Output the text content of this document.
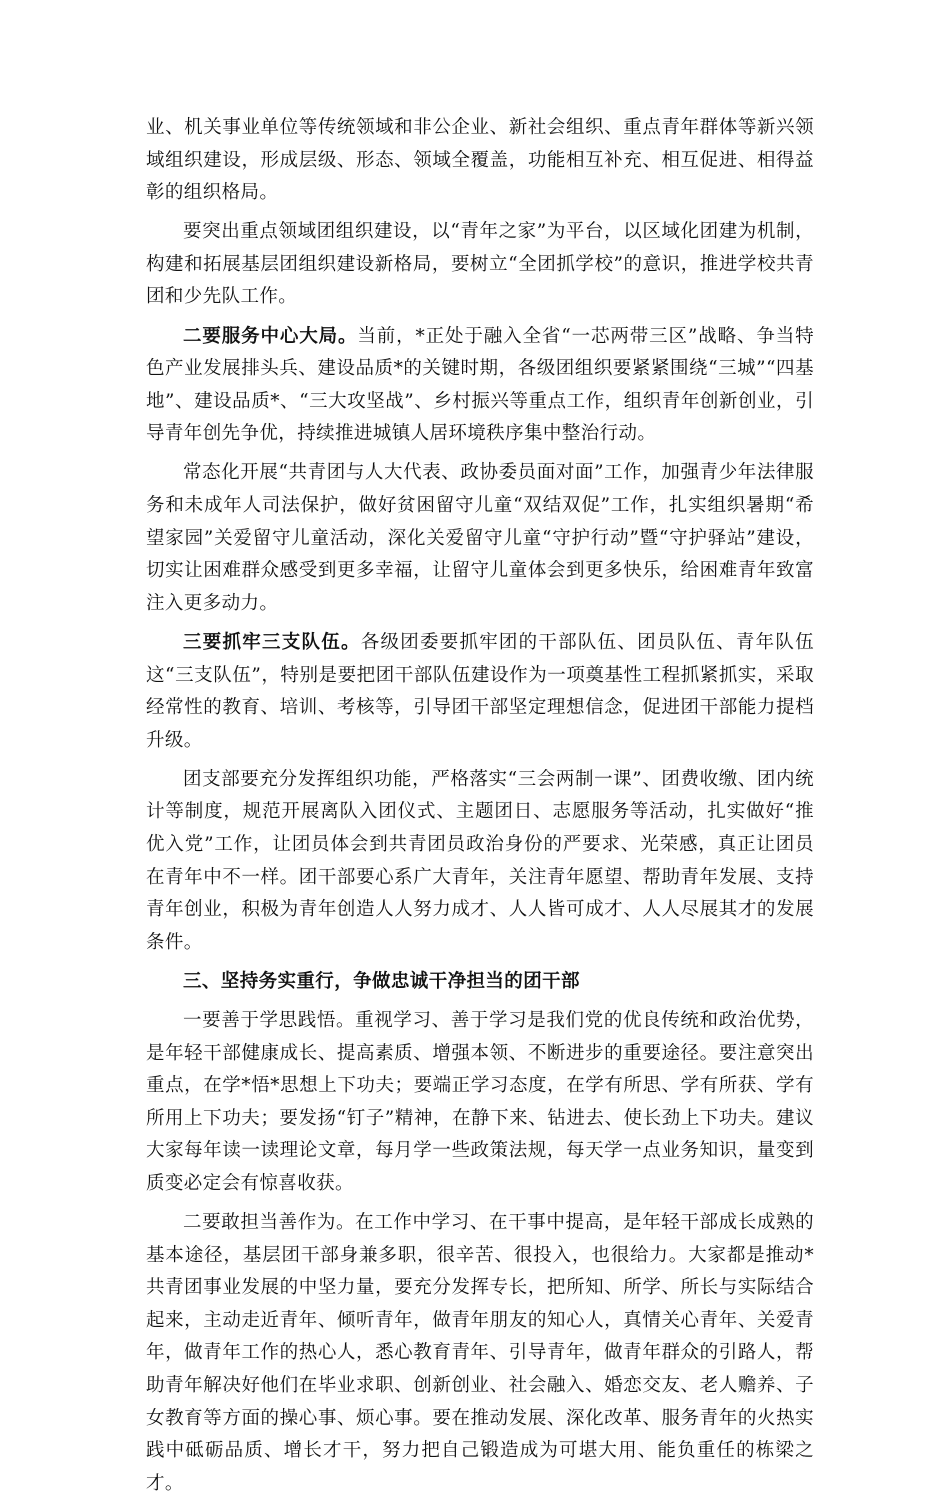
业、机关事业单位等传统领域和非公企业、新社会组织、重点青年群体等新兴领域组织建设，形成层级、形态、领域全覆盖，功能相互补充、相互促进、相得益彰的组织格局。

要突出重点领域团组织建设，以“青年之家”为平台，以区域化团建为机制，构建和拓展基层团组织建设新格局，要树立“全团抓学校”的意识，推进学校共青团和少先队工作。

二要服务中心大局。当前，*正处于融入全省“一芯两带三区”战略、争当特色产业发展排头兵、建设品质*的关键时期，各级团组织要紧紧围绕“三城”“四基地”、建设品质*、“三大攻坚战”、乡村振兴等重点工作，组织青年创新创业，引导青年创先争优，持续推进城镇人居环境秩序集中整治行动。

常态化开展“共青团与人大代表、政协委员面对面”工作，加强青少年法律服务和未成年人司法保护，做好贫困留守儿童“双结双促”工作，扎实组织暑期“希望家园”关爱留守儿童活动，深化关爱留守儿童“守护行动”暨“守护驿站”建设，切实让困难群众感受到更多幸福，让留守儿童体会到更多快乐，给困难青年致富注入更多动力。

三要抓牢三支队伍。各级团委要抓牢团的干部队伍、团员队伍、青年队伍这“三支队伍”，特别是要把团干部队伍建设作为一项奠基性工程抓紧抓实，采取经常性的教育、培训、考核等，引导团干部坚定理想信念，促进团干部能力提档升级。

团支部要充分发挥组织功能，严格落实“三会两制一课”、团费收缴、团内统计等制度，规范开展离队入团仪式、主题团日、志愿服务等活动，扎实做好“推优入党”工作，让团员体会到共青团员政治身份的严要求、光荣感，真正让团员在青年中不一样。团干部要心系广大青年，关注青年愿望、帮助青年发展、支持青年创业，积极为青年创造人人努力成才、人人皆可成才、人人尽展其才的发展条件。

三、坚持务实重行，争做忠诚干净担当的团干部

一要善于学思践悟。重视学习、善于学习是我们党的优良传统和政治优势，是年轻干部健康成长、提高素质、增强本领、不断进步的重要途径。要注意突出重点，在学*悟*思想上下功夫；要端正学习态度，在学有所思、学有所获、学有所用上下功夫；要发扬“钉子”精神，在静下来、钻进去、使长劲上下功夫。建议大家每年读一读理论文章，每月学一些政策法规，每天学一点业务知识，量变到质变必定会有惊喜收获。

二要敢担当善作为。在工作中学习、在干事中提高，是年轻干部成长成熟的基本途径，基层团干部身兼多职，很辛苦、很投入，也很给力。大家都是推动*共青团事业发展的中坚力量，要充分发挥专长，把所知、所学、所长与实际结合起来，主动走近青年、倾听青年，做青年朋友的知心人，真情关心青年、关爱青年，做青年工作的热心人，悉心教育青年、引导青年，做青年群众的引路人，帮助青年解决好他们在毕业求职、创新创业、社会融入、婚恋交友、老人赡养、子女教育等方面的操心事、烦心事。要在推动发展、深化改革、服务青年的火热实践中砥砺品质、增长才干，努力把自己锻造成为可堪大用、能负重任的栋梁之才。
